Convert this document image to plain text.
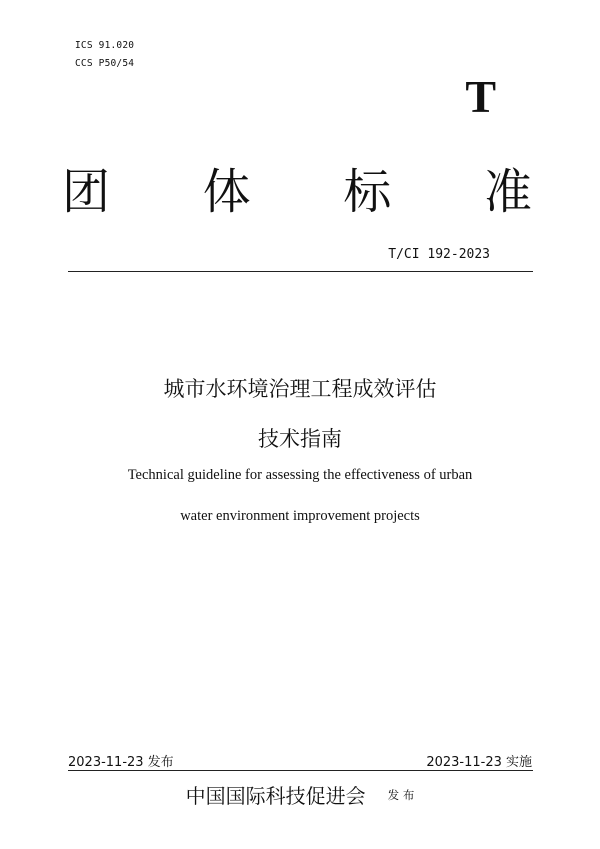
ICS 91.020
CCS P50/54
T
团 体 标 准
T/CI 192-2023
城市水环境治理工程成效评估
技术指南
Technical guideline for assessing the effectiveness of urban
water environment improvement projects
2023-11-23 发布	2023-11-23 实施
中国国际科技促进会 发 布
